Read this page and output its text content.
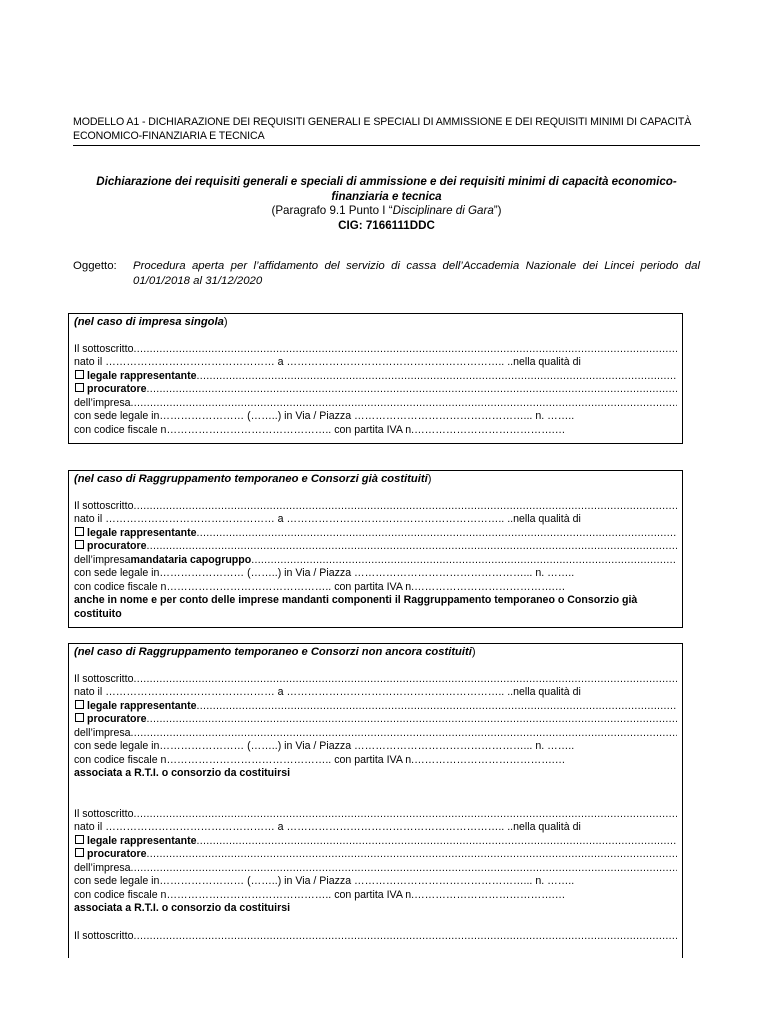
MODELLO A1 - DICHIARAZIONE DEI REQUISITI GENERALI E SPECIALI DI AMMISSIONE E DEI REQUISITI MINIMI DI CAPACITÀ ECONOMICO-FINANZIARIA E TECNICA
Dichiarazione dei requisiti generali e speciali di ammissione e dei requisiti minimi di capacità economico-finanziaria e tecnica
(Paragrafo 9.1 Punto I “Disciplinare di Gara”)
CIG: 7166111DDC
Oggetto:	Procedura aperta per l’affidamento del servizio di cassa dell’Accademia Nazionale dei Lincei periodo dal 01/01/2018 al 31/12/2020
(nel caso di impresa singola)
Il sottoscritto
.....
nato il ………………………………………… a …………………………………………………….. ..nella qualità di
legale rappresentante
.....
procuratore
.....
dell’impresa
.....
con sede legale in…………………… (……..) in Via / Piazza …………………………………………... n. ……..
con codice fiscale n……………………………………….. con partita IVA n.………………………………….…
(nel caso di Raggruppamento temporaneo e Consorzi già costituiti)
Il sottoscritto
.....
nato il ………………………………………… a …………………………………………………….. ..nella qualità di
legale rappresentante
.....
procuratore
.....
dell’impresa mandataria capogruppo
.....
con sede legale in…………………… (……..) in Via / Piazza …………………………………………... n. ……..
con codice fiscale n……………………………………….. con partita IVA n.………………………………….…
anche in nome e per conto delle imprese mandanti componenti il Raggruppamento temporaneo o Consorzio già costituito
(nel caso di Raggruppamento temporaneo e Consorzi non ancora costituiti)
Il sottoscritto
.....
nato il ………………………………………… a …………………………………………………….. ..nella qualità di
legale rappresentante
.....
procuratore
.....
dell’impresa
.....
con sede legale in…………………… (……..) in Via / Piazza …………………………………………... n. ……..
con codice fiscale n……………………………………….. con partita IVA n.………………………………….…
associata a R.T.I. o consorzio da costituirsi
Il sottoscritto
.....
nato il ………………………………………… a …………………………………………………….. ..nella qualità di
legale rappresentante
.....
procuratore
.....
dell’impresa
.....
con sede legale in…………………… (……..) in Via / Piazza …………………………………………... n. ……..
con codice fiscale n……………………………………….. con partita IVA n.………………………………….…
associata a R.T.I. o consorzio da costituirsi
Il sottoscritto
.....
